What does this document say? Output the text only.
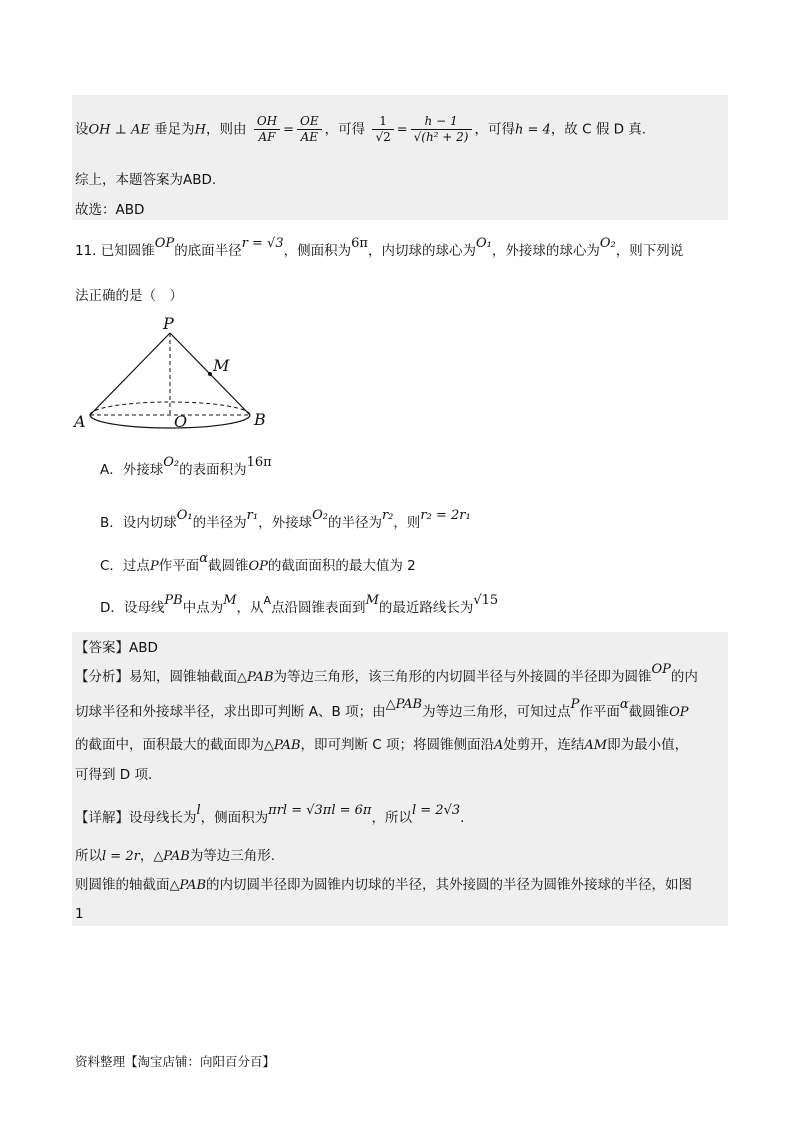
设OH ⊥ AE 垂足为H，则由 $\frac{OH}{AF} = \frac{OE}{AE}$ ，可得 $\frac{1}{√2} = \frac{h - 1}{\text{√(h² + 2)}}$ ，可得h = 4，故 C 假 D 真.
综上，本题答案为ABD.
故选：ABD
11. 已知圆锥OP的底面半径r = √3，侧面积为6π，内切球的球心为O₁，外接球的球心为O₂，则下列说
法正确的是（　）
P
M
A	O	B
A．外接球O₂的表面积为16π
B．设内切球O₁的半径为r₁，外接球O₂的半径为r₂，则r₂ = 2r₁
C．过点P作平面α截圆锥OP的截面面积的最大值为 2
D．设母线PB中点为M，从$^A$点沿圆锥表面到M的最近路线长为√15
【答案】ABD
【分析】易知，圆锥轴截面△PAB为等边三角形，该三角形的内切圆半径与外接圆的半径即为圆锥OP的内
切球半径和外接球半径，求出即可判断 A、B 项；由△PAB为等边三角形，可知过点P作平面α截圆锥OP
的截面中，面积最大的截面即为△PAB，即可判断 C 项；将圆锥侧面沿A处剪开，连结AM即为最小值，
可得到 D 项.
【详解】设母线长为l，侧面积为πrl = √3πl = 6π，所以l = 2√3.
所以l = 2r，△PAB为等边三角形.
则圆锥的轴截面△PAB的内切圆半径即为圆锥内切球的半径，其外接圆的半径为圆锥外接球的半径，如图
1
资料整理【淘宝店铺：向阳百分百】
